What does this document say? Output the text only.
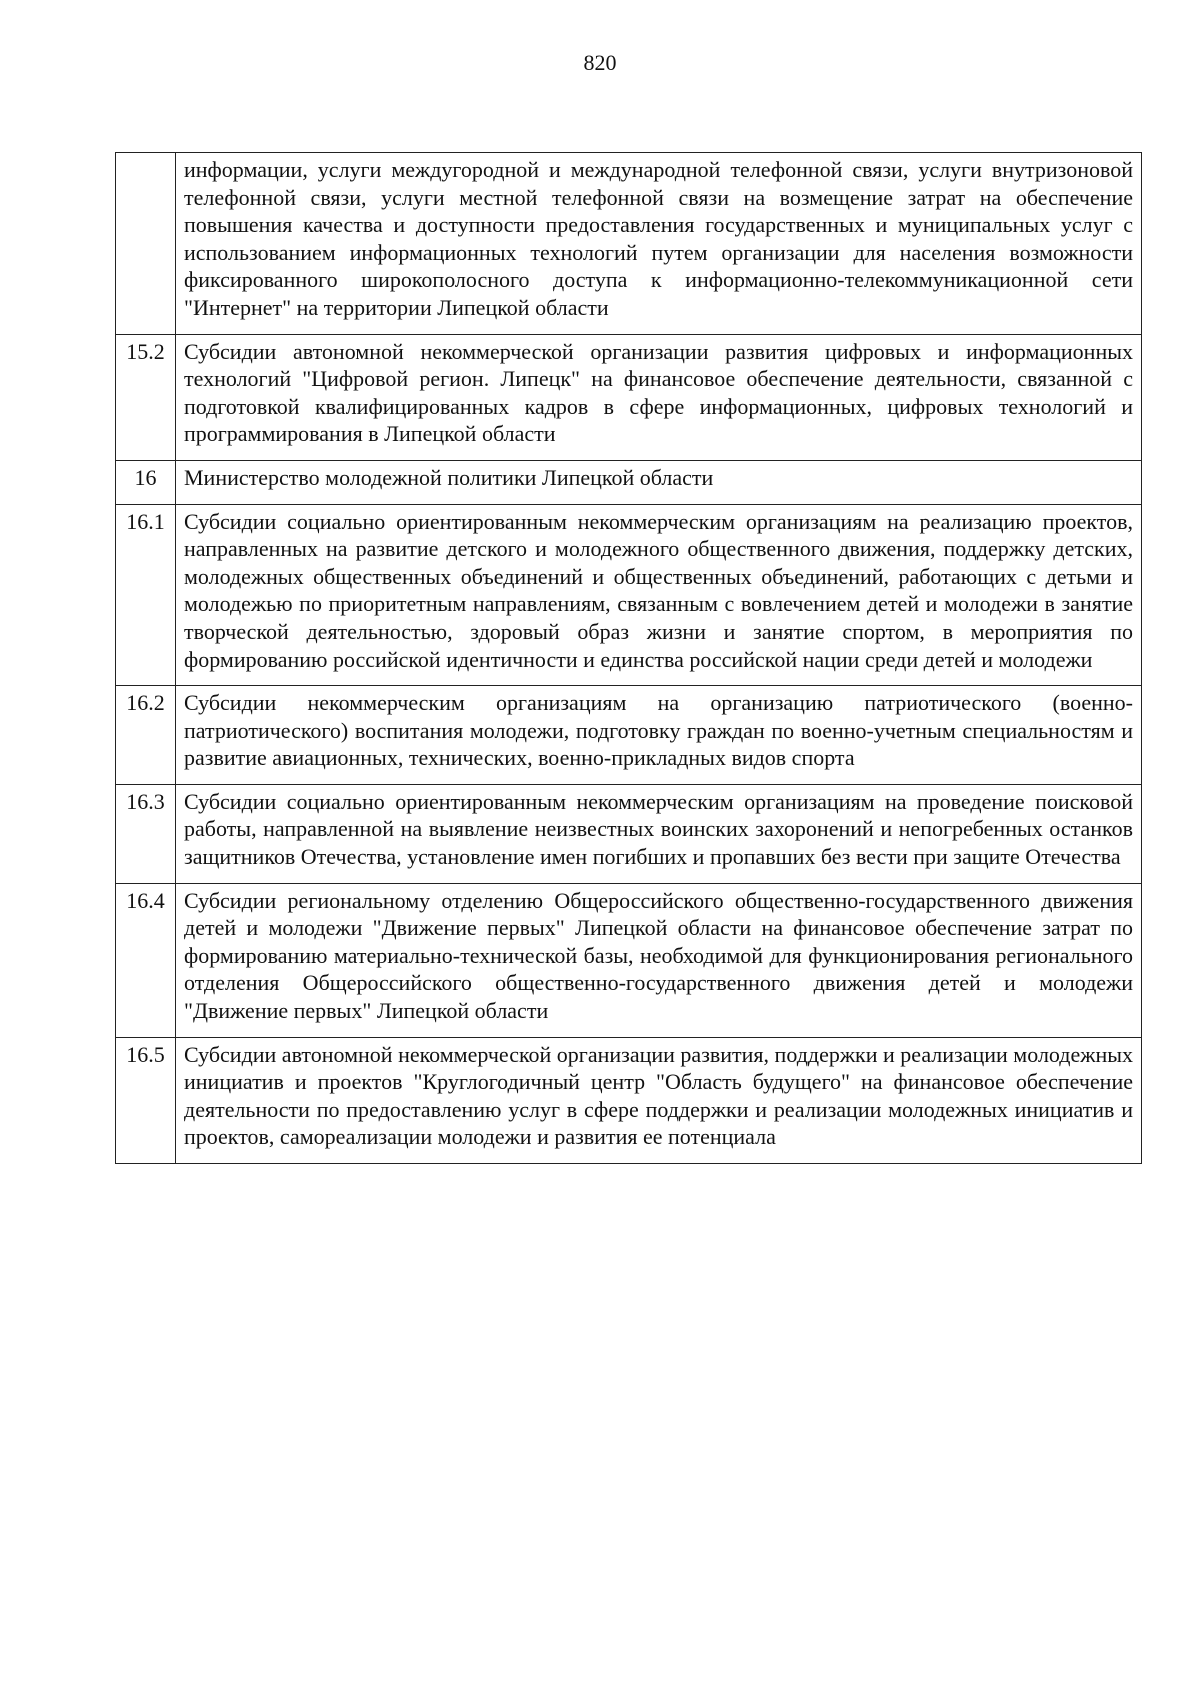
820
	информации, услуги междугородной и международной телефонной связи, услуги внутризоновой телефонной связи, услуги местной телефонной связи на возмещение затрат на обеспечение повышения качества и доступности предоставления государственных и муниципальных услуг с использованием информационных технологий путем организации для населения возможности фиксированного широкополосного доступа к информационно-телекоммуникационной сети "Интернет" на территории Липецкой области
15.2	Субсидии автономной некоммерческой организации развития цифровых и информационных технологий "Цифровой регион. Липецк" на финансовое обеспечение деятельности, связанной с подготовкой квалифицированных кадров в сфере информационных, цифровых технологий и программирования в Липецкой области
16	Министерство молодежной политики Липецкой области
16.1	Субсидии социально ориентированным некоммерческим организациям на реализацию проектов, направленных на развитие детского и молодежного общественного движения, поддержку детских, молодежных общественных объединений и общественных объединений, работающих с детьми и молодежью по приоритетным направлениям, связанным с вовлечением детей и молодежи в занятие творческой деятельностью, здоровый образ жизни и занятие спортом, в мероприятия по формированию российской идентичности и единства российской нации среди детей и молодежи
16.2	Субсидии некоммерческим организациям на организацию патриотического (военно-патриотического) воспитания молодежи, подготовку граждан по военно-учетным специальностям и развитие авиационных, технических, военно-прикладных видов спорта
16.3	Субсидии социально ориентированным некоммерческим организациям на проведение поисковой работы, направленной на выявление неизвестных воинских захоронений и непогребенных останков защитников Отечества, установление имен погибших и пропавших без вести при защите Отечества
16.4	Субсидии региональному отделению Общероссийского общественно-государственного движения детей и молодежи "Движение первых" Липецкой области на финансовое обеспечение затрат по формированию материально-технической базы, необходимой для функционирования регионального отделения Общероссийского общественно-государственного движения детей и молодежи "Движение первых" Липецкой области
16.5	Субсидии автономной некоммерческой организации развития, поддержки и реализации молодежных инициатив и проектов "Круглогодичный центр "Область будущего" на финансовое обеспечение деятельности по предоставлению услуг в сфере поддержки и реализации молодежных инициатив и проектов, самореализации молодежи и развития ее потенциала
